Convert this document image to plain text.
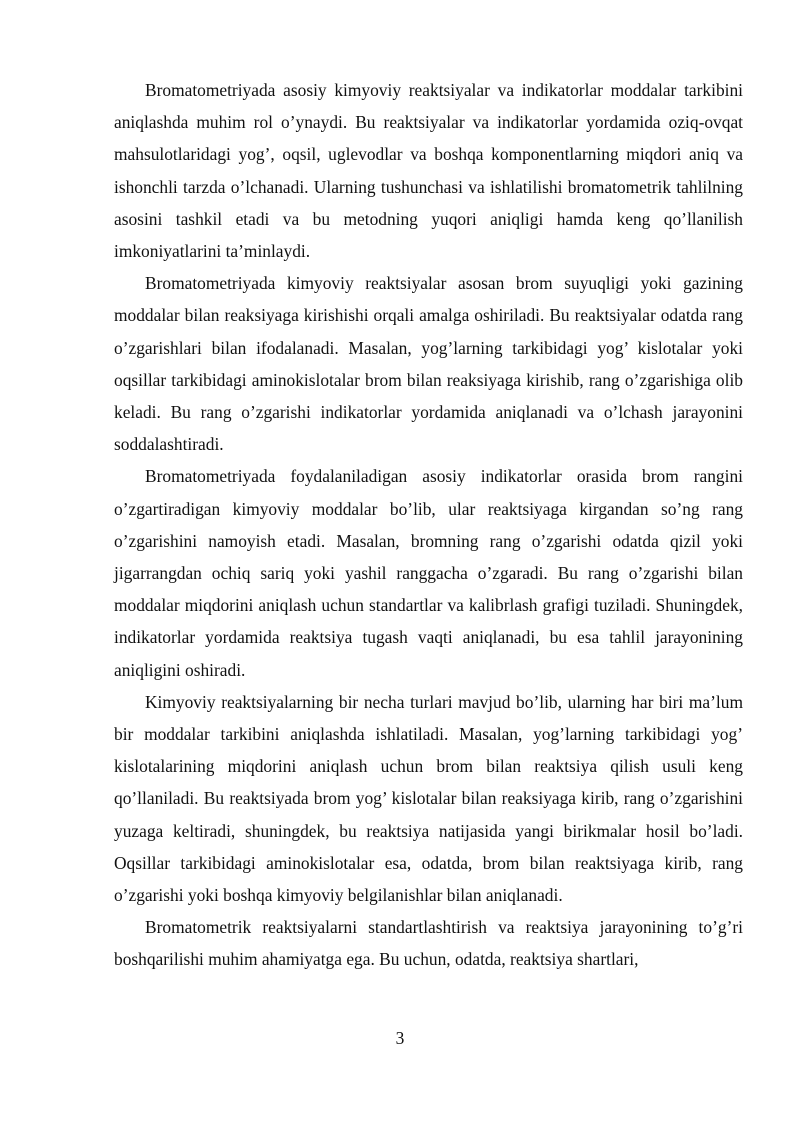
Bromatometriyada asosiy kimyoviy reaktsiyalar va indikatorlar moddalar tarkibini aniqlashda muhim rol o’ynaydi. Bu reaktsiyalar va indikatorlar yordamida oziq-ovqat mahsulotlaridagi yog’, oqsil, uglevodlar va boshqa komponentlarning miqdori aniq va ishonchli tarzda o’lchanadi. Ularning tushunchasi va ishlatilishi bromatometrik tahlilning asosini tashkil etadi va bu metodning yuqori aniqligi hamda keng qo’llanilish imkoniyatlarini ta’minlaydi.

Bromatometriyada kimyoviy reaktsiyalar asosan brom suyuqligi yoki gazining moddalar bilan reaksiyaga kirishishi orqali amalga oshiriladi. Bu reaktsiyalar odatda rang o’zgarishlari bilan ifodalanadi. Masalan, yog’larning tarkibidagi yog’ kislotalar yoki oqsillar tarkibidagi aminokislotalar brom bilan reaksiyaga kirishib, rang o’zgarishiga olib keladi. Bu rang o’zgarishi indikatorlar yordamida aniqlanadi va o’lchash jarayonini soddalashtiradi.

Bromatometriyada foydalaniladigan asosiy indikatorlar orasida brom rangini o’zgartiradigan kimyoviy moddalar bo’lib, ular reaktsiyaga kirgandan so’ng rang o’zgarishini namoyish etadi. Masalan, bromning rang o’zgarishi odatda qizil yoki jigarrangdan ochiq sariq yoki yashil ranggacha o’zgaradi. Bu rang o’zgarishi bilan moddalar miqdorini aniqlash uchun standartlar va kalibrlash grafigi tuziladi. Shuningdek, indikatorlar yordamida reaktsiya tugash vaqti aniqlanadi, bu esa tahlil jarayonining aniqligini oshiradi.

Kimyoviy reaktsiyalarning bir necha turlari mavjud bo’lib, ularning har biri ma’lum bir moddalar tarkibini aniqlashda ishlatiladi. Masalan, yog’larning tarkibidagi yog’ kislotalarining miqdorini aniqlash uchun brom bilan reaktsiya qilish usuli keng qo’llaniladi. Bu reaktsiyada brom yog’ kislotalar bilan reaksiyaga kirib, rang o’zgarishini yuzaga keltiradi, shuningdek, bu reaktsiya natijasida yangi birikmalar hosil bo’ladi. Oqsillar tarkibidagi aminokislotalar esa, odatda, brom bilan reaktsiyaga kirib, rang o’zgarishi yoki boshqa kimyoviy belgilanishlar bilan aniqlanadi.

Bromatometrik reaktsiyalarni standartlashtirish va reaktsiya jarayonining to’g’ri boshqarilishi muhim ahamiyatga ega. Bu uchun, odatda, reaktsiya shartlari,

3
